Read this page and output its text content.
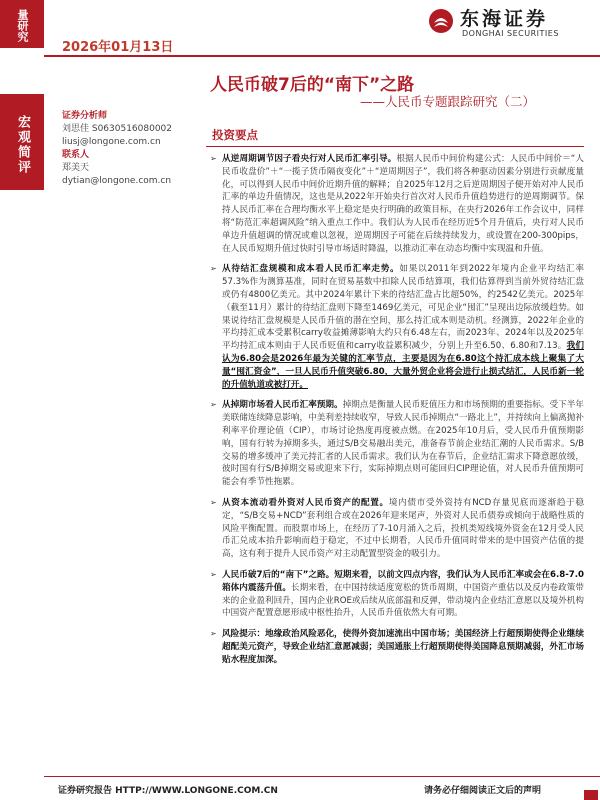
量研究
宏观简评
2026年01月13日
东海证券
DONGHAI SECURITIES
人民币破7后的“南下”之路
——人民币专题跟踪研究（二）
证券分析师
刘思佳 S0630516080002
liusj@longone.com.cn
联系人
郑美天
dytian@longone.com.cn
投资要点
➢ 从逆周期调节因子看央行对人民币汇率引导。根据人民币中间价构建公式：人民币中间价＝“人民币收盘价”＋“一揽子货币隔夜变化”＋“逆周期因子”，我们将各种驱动因素分别进行贡献度量化，可以得到人民币中间价近期升值的解释；自2025年12月之后逆周期因子便开始对冲人民币汇率的单边升值情况，这也是从2022年开始央行首次对人民币升值趋势进行的逆周期调节。保持人民币汇率在合理均衡水平上稳定是央行明确的政策目标，在央行2026年工作会议中，同样将“防范汇率超调风险”纳入重点工作中。我们认为人民币在经历近5个月升值后，央行对人民币单边升值超调的情况或难以忽视，逆周期因子可能在后续持续发力，或设置在200-300pips，在人民币短期升值过快时引导市场适时降温，以推动汇率在动态均衡中实现温和升值。
➢ 从待结汇盘规模和成本看人民币汇率走势。如果以2011年到2022年境内企业平均结汇率57.3%作为测算基准，同时在贸易基数中扣除人民币结算项，我们估算得到当前外贸待结汇盘或仍有4800亿美元。其中2024年累计下来的待结汇盘占比超50%，约2542亿美元。2025年（截至11月）累计的待结汇盘则下降至1469亿美元，可见企业“囤汇”呈现出边际放缓趋势。如果说待结汇盘规模是人民币升值的潜在空间，那么持汇成本则是动机。经测算，2022年企业的平均持汇成本受累积carry收益摊薄影响大约只有6.48左右，而2023年、2024年以及2025年平均持汇成本则由于人民币贬值和carry收益累积减少，分别上升至6.50、6.80和7.13。我们认为6.80会是2026年最为关键的汇率节点，主要是因为在6.80这个持汇成本线上聚集了大量“囤汇资金”，一旦人民币升值突破6.80，大量外贸企业将会进行止损式结汇，人民币新一轮的升值轨道或被打开。
➢ 从掉期市场看人民币汇率预期。掉期点是衡量人民币贬值压力和市场预期的重要指标。受下半年美联储连续降息影响，中美利差持续收窄，导致人民币掉期点“一路北上”，并持续向上偏离抛补利率平价理论值（CIP），市场讨论热度再度被点燃。在2025年10月后，受人民币升值预期影响，国有行转为掉期多头，通过S/B交易融出美元，准备春节前企业结汇潮的人民币需求。S/B交易的增多缓冲了美元持汇者的人民币需求。我们认为在春节后，企业结汇需求下降意愿放缓，彼时国有行S/B掉期交易或迎来下行，实际掉期点则可能回归CIP理论值，对人民币升值预期可能会有季节性拖累。
➢ 从资本流动看外资对人民币资产的配置。境内债市受外资持有NCD存量见底而逐渐趋于稳定，“S/B交易+NCD”套利组合或在2026年迎来尾声，外资对人民币债券或倾向于战略性质的风险平衡配置。而股票市场上，在经历了7-10月涌入之后，投机类短线境外资金在12月受人民币汇兑成本抬升影响而趋于稳定，不过中长期看，人民币升值同时带来的是中国资产估值的提高，这有利于提升人民币资产对主动配置型资金的吸引力。
➢ 人民币破7后的“南下”之路。短期来看，以前文四点内容，我们认为人民币汇率或会在6.8-7.0箱体内震荡升值。长期来看，在中国持续适度宽松的货币周期，中国资产重估以及反内卷政策带来的企业盈利回升，国内企业ROE或后续从底部温和反弹，带动境内企业结汇意愿以及境外机构中国资产配置意愿形成中枢性抬升，人民币升值依然大有可期。
➢ 风险提示：地缘政治风险恶化，使得外资加速流出中国市场；美国经济上行超预期使得企业继续超配美元资产，导致企业结汇意愿减弱；美国通胀上行超预期使得美国降息预期减弱，外汇市场贴水程度加深。
证券研究报告 HTTP://WWW.LONGONE.COM.CN	请务必仔细阅读正文后的声明
